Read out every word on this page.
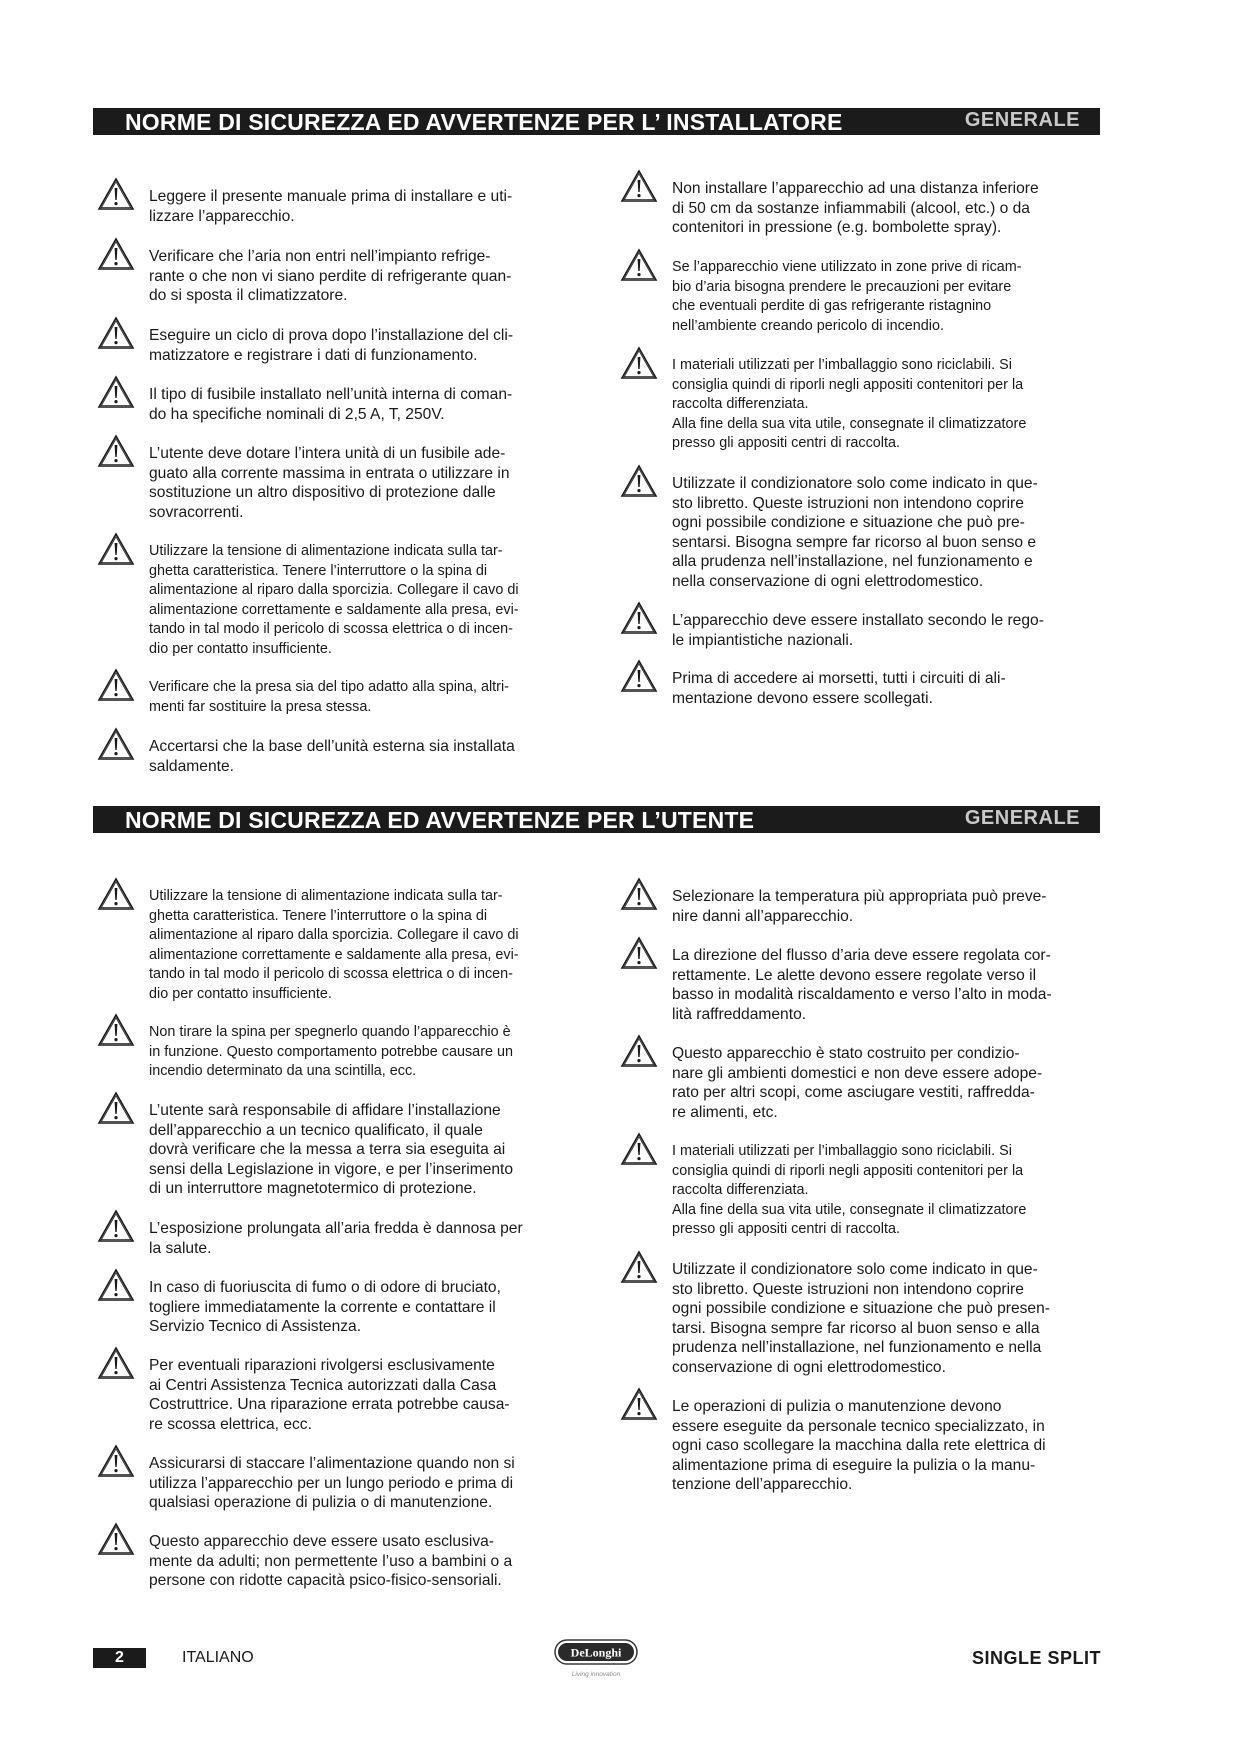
NORME DI SICUREZZA ED AVVERTENZE PER L’ INSTALLATORE	GENERALE

Leggere il presente manuale prima di installare e uti-
lizzare l’apparecchio.

Verificare che l’aria non entri nell’impianto refrige-
rante o che non vi siano perdite di refrigerante quan-
do si sposta il climatizzatore.

Eseguire un ciclo di prova dopo l’installazione del cli-
matizzatore e registrare i dati di funzionamento.

Il tipo di fusibile installato nell’unità interna di coman-
do ha specifiche nominali di 2,5 A, T, 250V.

L’utente deve dotare l’intera unità di un fusibile ade-
guato alla corrente massima in entrata o utilizzare in
sostituzione un altro dispositivo di protezione dalle
sovracorrenti.

Utilizzare la tensione di alimentazione indicata sulla tar-
ghetta caratteristica. Tenere l’interruttore o la spina di
alimentazione al riparo dalla sporcizia. Collegare il cavo di
alimentazione correttamente e saldamente alla presa, evi-
tando in tal modo il pericolo di scossa elettrica o di incen-
dio per contatto insufficiente.

Verificare che la presa sia del tipo adatto alla spina, altri-
menti far sostituire la presa stessa.

Accertarsi che la base dell’unità esterna sia installata
saldamente.

Non installare l’apparecchio ad una distanza inferiore
di 50 cm da sostanze infiammabili (alcool, etc.) o da
contenitori in pressione (e.g. bombolette spray).

Se l’apparecchio viene utilizzato in zone prive di ricam-
bio d’aria bisogna prendere le precauzioni per evitare
che eventuali perdite di gas refrigerante ristagnino
nell’ambiente creando pericolo di incendio.

I materiali utilizzati per l’imballaggio sono riciclabili. Si
consiglia quindi di riporli negli appositi contenitori per la
raccolta differenziata.
Alla fine della sua vita utile, consegnate il climatizzatore
presso gli appositi centri di raccolta.

Utilizzate il condizionatore solo come indicato in que-
sto libretto. Queste istruzioni non intendono coprire
ogni possibile condizione e situazione che può pre-
sentarsi. Bisogna sempre far ricorso al buon senso e
alla prudenza nell’installazione, nel funzionamento e
nella conservazione di ogni elettrodomestico.

L’apparecchio deve essere installato secondo le rego-
le impiantistiche nazionali.

Prima di accedere ai morsetti, tutti i circuiti di ali-
mentazione devono essere scollegati.

NORME DI SICUREZZA ED AVVERTENZE PER L’UTENTE	GENERALE

Utilizzare la tensione di alimentazione indicata sulla tar-
ghetta caratteristica. Tenere l’interruttore o la spina di
alimentazione al riparo dalla sporcizia. Collegare il cavo di
alimentazione correttamente e saldamente alla presa, evi-
tando in tal modo il pericolo di scossa elettrica o di incen-
dio per contatto insufficiente.

Non tirare la spina per spegnerlo quando l’apparecchio è
in funzione. Questo comportamento potrebbe causare un
incendio determinato da una scintilla, ecc.

L’utente sarà responsabile di affidare l’installazione
dell’apparecchio a un tecnico qualificato, il quale
dovrà verificare che la messa a terra sia eseguita ai
sensi della Legislazione in vigore, e per l’inserimento
di un interruttore magnetotermico di protezione.

L’esposizione prolungata all’aria fredda è dannosa per
la salute.

In caso di fuoriuscita di fumo o di odore di bruciato,
togliere immediatamente la corrente e contattare il
Servizio Tecnico di Assistenza.

Per eventuali riparazioni rivolgersi esclusivamente
ai Centri Assistenza Tecnica autorizzati dalla Casa
Costruttrice. Una riparazione errata potrebbe causa-
re scossa elettrica, ecc.

Assicurarsi di staccare l’alimentazione quando non si
utilizza l’apparecchio per un lungo periodo e prima di
qualsiasi operazione di pulizia o di manutenzione.

Questo apparecchio deve essere usato esclusiva-
mente da adulti; non permettente l’uso a bambini o a
persone con ridotte capacità psico-fisico-sensoriali.

Selezionare la temperatura più appropriata può preve-
nire danni all’apparecchio.

La direzione del flusso d’aria deve essere regolata cor-
rettamente. Le alette devono essere regolate verso il
basso in modalità riscaldamento e verso l’alto in moda-
lità raffreddamento.

Questo apparecchio è stato costruito per condizio-
nare gli ambienti domestici e non deve essere adope-
rato per altri scopi, come asciugare vestiti, raffredda-
re alimenti, etc.

I materiali utilizzati per l’imballaggio sono riciclabili. Si
consiglia quindi di riporli negli appositi contenitori per la
raccolta differenziata.
Alla fine della sua vita utile, consegnate il climatizzatore
presso gli appositi centri di raccolta.

Utilizzate il condizionatore solo come indicato in que-
sto libretto. Queste istruzioni non intendono coprire
ogni possibile condizione e situazione che può presen-
tarsi. Bisogna sempre far ricorso al buon senso e alla
prudenza nell’installazione, nel funzionamento e nella
conservazione di ogni elettrodomestico.

Le operazioni di pulizia o manutenzione devono
essere eseguite da personale tecnico specializzato, in
ogni caso scollegare la macchina dalla rete elettrica di
alimentazione prima di eseguire la pulizia o la manu-
tenzione dell’apparecchio.

2	ITALIANO	DeLonghi
Living innovation
SINGLE SPLIT
